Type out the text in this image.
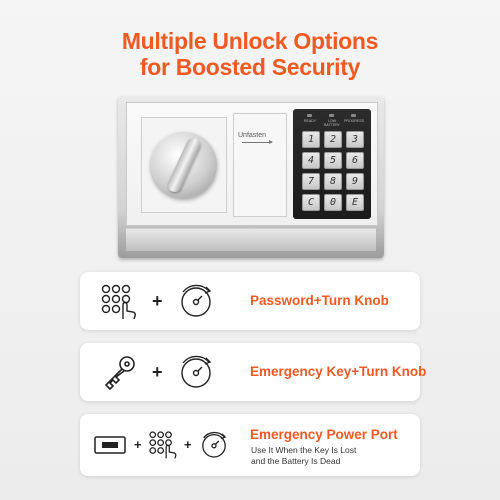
Multiple Unlock Options
for Boosted Security
Unfasten
READY	LOW BATTERY
PROGRESS
1	2	3
4	5	6
7	8	9
C	0	E
+	Password+Turn Knob
+	Emergency Key+Turn Knob
+	+
Emergency Power Port
Use It When the Key Is Lost
and the Battery Is Dead
